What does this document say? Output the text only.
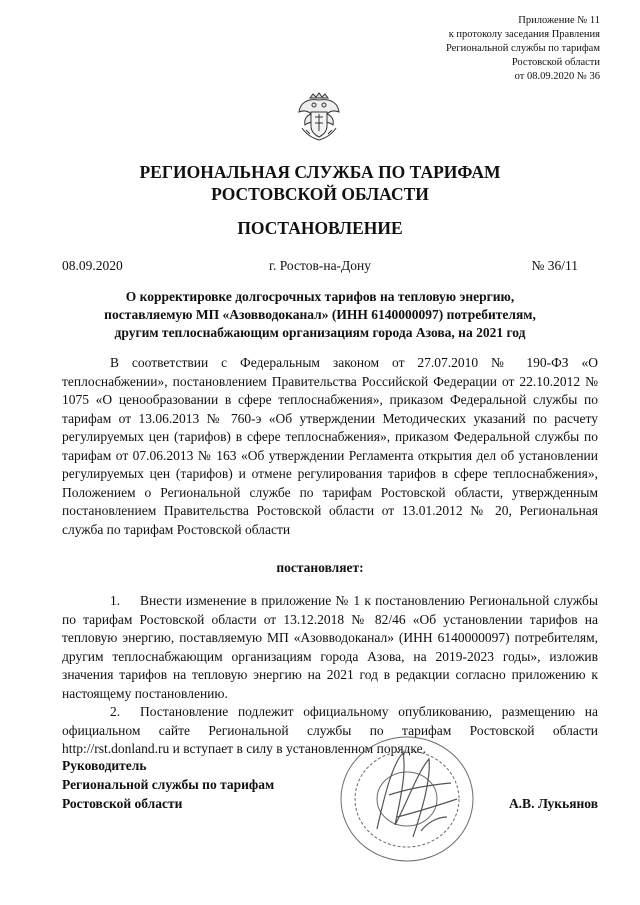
Приложение № 11
к протоколу заседания Правления
Региональной службы по тарифам
Ростовской области
от 08.09.2020 № 36
РЕГИОНАЛЬНАЯ СЛУЖБА ПО ТАРИФАМ
РОСТОВСКОЙ ОБЛАСТИ
ПОСТАНОВЛЕНИЕ
08.09.2020	г. Ростов-на-Дону	№ 36/11
О корректировке долгосрочных тарифов на тепловую энергию,
поставляемую МП «Азовводоканал» (ИНН 6140000097) потребителям,
другим теплоснабжающим организациям города Азова, на 2021 год
В соответствии с Федеральным законом от 27.07.2010 № 190-ФЗ «О теплоснабжении», постановлением Правительства Российской Федерации от 22.10.2012 № 1075 «О ценообразовании в сфере теплоснабжения», приказом Федеральной службы по тарифам от 13.06.2013 № 760-э «Об утверждении Методических указаний по расчету регулируемых цен (тарифов) в сфере теплоснабжения», приказом Федеральной службы по тарифам от 07.06.2013 № 163 «Об утверждении Регламента открытия дел об установлении регулируемых цен (тарифов) и отмене регулирования тарифов в сфере теплоснабжения», Положением о Региональной службе по тарифам Ростовской области, утвержденным постановлением Правительства Ростовской области от 13.01.2012 № 20, Региональная служба по тарифам Ростовской области
постановляет:
1. Внести изменение в приложение № 1 к постановлению Региональной службы по тарифам Ростовской области от 13.12.2018 № 82/46 «Об установлении тарифов на тепловую энергию, поставляемую МП «Азовводоканал» (ИНН 6140000097) потребителям, другим теплоснабжающим организациям города Азова, на 2019-2023 годы», изложив значения тарифов на тепловую энергию на 2021 год в редакции согласно приложению к настоящему постановлению.
2. Постановление подлежит официальному опубликованию, размещению на официальном сайте Региональной службы по тарифам Ростовской области http://rst.donland.ru и вступает в силу в установленном порядке.
Руководитель
Региональной службы по тарифам
Ростовской области	А.В. Лукьянов
